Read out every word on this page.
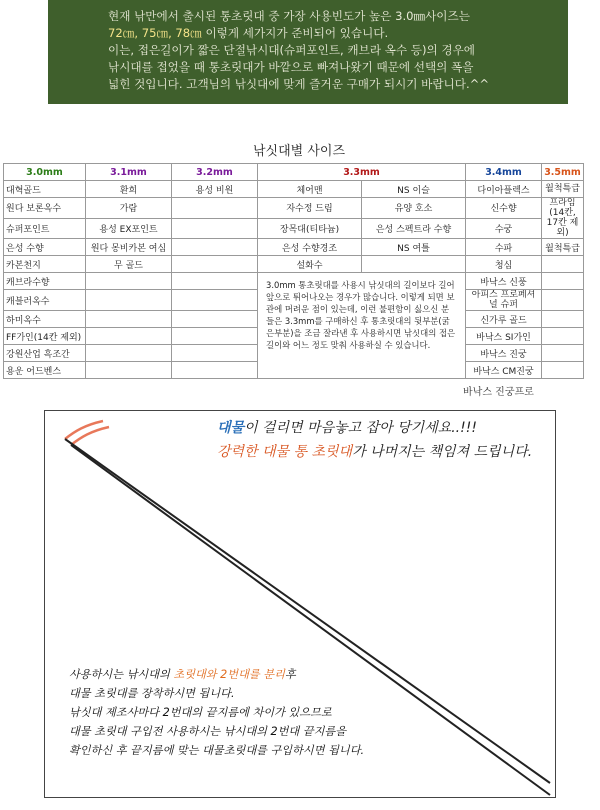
현재 낚만에서 출시된 통초릿대 중 가장 사용빈도가 높은 3.0㎜사이즈는
72㎝, 75㎝, 78㎝ 이렇게 세가지가 준비되어 있습니다.
이는, 접은길이가 짧은 단절낚시대(슈퍼포인트, 캐브라 옥수 등)의 경우에
낚시대를 접었을 때 통초릿대가 바깥으로 빠져나왔기 때문에 선택의 폭을
넓힌 것입니다. 고객님의 낚싯대에 맞게 즐거운 구매가 되시기 바랍니다.^^
낚싯대별 사이즈
3.0mm	3.1mm	3.2mm	3.3mm		3.4mm	3.5mm
대혁골드	환희	용성 비원	체어맨	NS 이슬	다이아플렉스	월척특급
원다 보론옥수	가람		자수정 드림	유양 호소	신수향	프라임(14칸, 17칸 제외)
슈퍼포인트	용성 EX포인트		장목대(티타늄)	은성 스펙트라 수향	수궁	
은성 수향	원다 몽비카본 여심		은성 수향경조	NS 여틀	수파	월척특급
카본천지	무 골드		설화수		청심	
캐브라수향			3.0mm 통초릿대를 사용시 낚싯대의 길이보다 길어 앞으로 튀어나오는 경우가 많습니다. 이렇게 되면 보관에 머려운 점이 있는데, 이런 불편함이 싫으신 분들은 3.3mm를 구매하신 후 통초릿대의 뒷부분(굵은부분)을 조금 잘라낸 후 사용하시면 낚싯대의 접은길이와 어느 정도 맞춰 사용하실 수 있습니다.		바낙스 신풍	
캐블러옥수					아피스 프로페셔널 슈퍼	
하미옥수					신가루 골드	
FF가인(14칸 제외)					바낙스 SI가인	
강원산업 흑조간					바낙스 진궁	
용운 어드벤스					바낙스 CM진궁	
바낙스 진궁프로
대물이 걸리면 마음놓고 잡아 당기세요..!!!
강력한 대물 통 초릿대가 나머지는 책임져 드립니다.
사용하시는 낚시대의 초릿대와 2번대를 분리후
대물 초릿대를 장착하시면 됩니다.
낚싯대 제조사마다 2번대의 끝지름에 차이가 있으므로
대물 초릿대 구입전 사용하시는 낚시대의 2번대 끝지름을
확인하신 후 끝지름에 맞는 대물초릿대를 구입하시면 됩니다.
